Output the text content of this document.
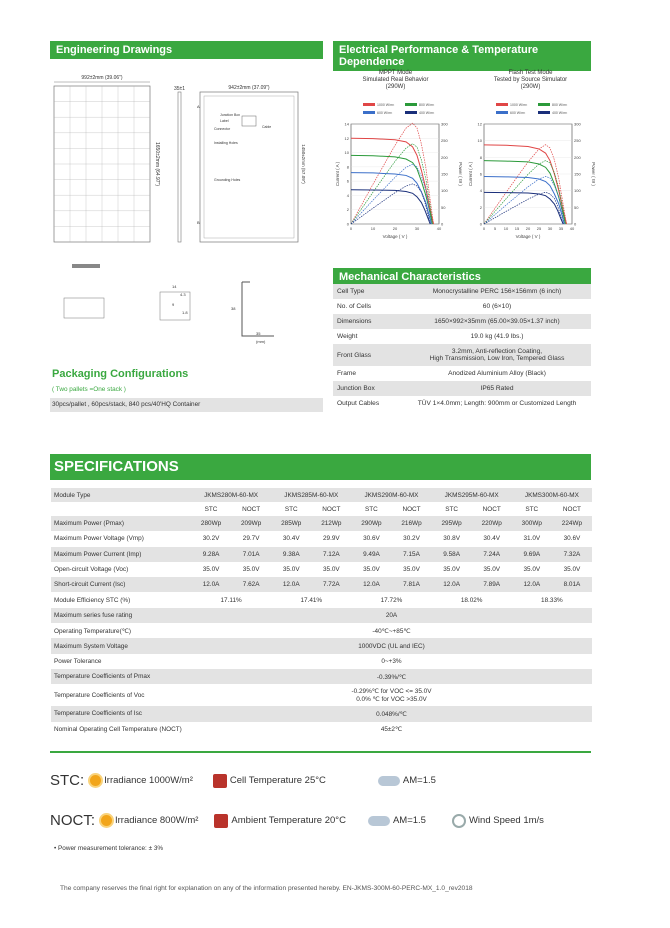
Engineering Drawings	Electrical Performance & Temperature Dependence
992±2mm (39.06")
1650±2mm (64.97")
35±1	942±2mm (37.09")
1450±2mm (57.09")
Junction Box
Label
Connector	Cable
Installing Holes
Grounding Holes
A
B
14
4.3
9
1.8
35
38
(mm)
MPPT Mode
Simulated Real Behavior
(290W)
Flash Test Mode
Tested by Source Simulator
(290W)
1000 W/m²	800 W/m²
600 W/m²	400 W/m²
0
2
4
6
8
10
12
14
0	10	20	30	40
0
50
100
150
200
250
300
Voltage ( V )
Current ( A )	Power ( W )
1000 W/m²	800 W/m²
600 W/m²	400 W/m²
0
2
4
6
8
10
12
0 5 10 15 20 25 30 35 40
0
50
100
150
200
250
300
Voltage ( V )
Current ( A )	Power ( W )
Mechanical Characteristics
Cell Type	Monocrystalline PERC 156×156mm (6 inch)

No. of Cells	60 (6×10)

Dimensions	1650×992×35mm (65.00×39.05×1.37 inch)

Weight	19.0 kg (41.9 lbs.)

Front Glass	3.2mm, Anti-reflection Coating,
High Transmission, Low Iron, Tempered Glass

Frame	Anodized Aluminium Alloy (Black)

Junction Box	IP65 Rated

Output Cables	TÜV 1×4.0mm; Length: 900mm or Customized Length
Packaging Configurations
( Two pallets =One stack )
30pcs/pallet , 60pcs/stack, 840 pcs/40'HQ Container
SPECIFICATIONS
Module Type	JKMS280M-60-MX		JKMS285M-60-MX		JKMS290M-60-MX		JKMS295M-60-MX		JKMS300M-60-MX	
	STC	NOCT	STC	NOCT	STC	NOCT	STC	NOCT	STC	NOCT
Maximum Power (Pmax)	280Wp	209Wp	285Wp	212Wp	290Wp	216Wp	295Wp	220Wp	300Wp	224Wp
Maximum Power Voltage (Vmp)	30.2V	29.7V	30.4V	29.9V	30.6V	30.2V	30.8V	30.4V	31.0V	30.6V
Maximum Power Current (Imp)	9.28A	7.01A	9.38A	7.12A	9.49A	7.15A	9.58A	7.24A	9.69A	7.32A
Open-circuit Voltage (Voc)	35.0V	35.0V	35.0V	35.0V	35.0V	35.0V	35.0V	35.0V	35.0V	35.0V
Short-circuit Current (Isc)	12.0A	7.62A	12.0A	7.72A	12.0A	7.81A	12.0A	7.89A	12.0A	8.01A
Module Efficiency STC (%)	17.11%		17.41%		17.72%		18.02%		18.33%	
Maximum series fuse rating	20A									

Operating Temperature(℃)	-40℃~+85℃									

Maximum System Voltage	1000VDC (UL and IEC)									

Power Tolerance	0~+3%									

Temperature Coefficients of Pmax	-0.39%/℃									

Temperature Coefficients of Voc	-0.29%℃ for VOC <= 35.0V
0.0% ℃ for VOC >35.0V									

Temperature Coefficients of Isc	0.048%/℃									

Nominal Operating Cell Temperature (NOCT)	45±2℃									
STC: Irradiance 1000W/m²	Cell Temperature 25°C	AM=1.5
NOCT: Irradiance 800W/m²	Ambient Temperature 20°C	AM=1.5	Wind Speed 1m/s
• Power measurement tolerance: ± 3%
The company reserves the final right for explanation on any of the information presented hereby. EN-JKMS-300M-60-PERC-MX_1.0_rev2018
